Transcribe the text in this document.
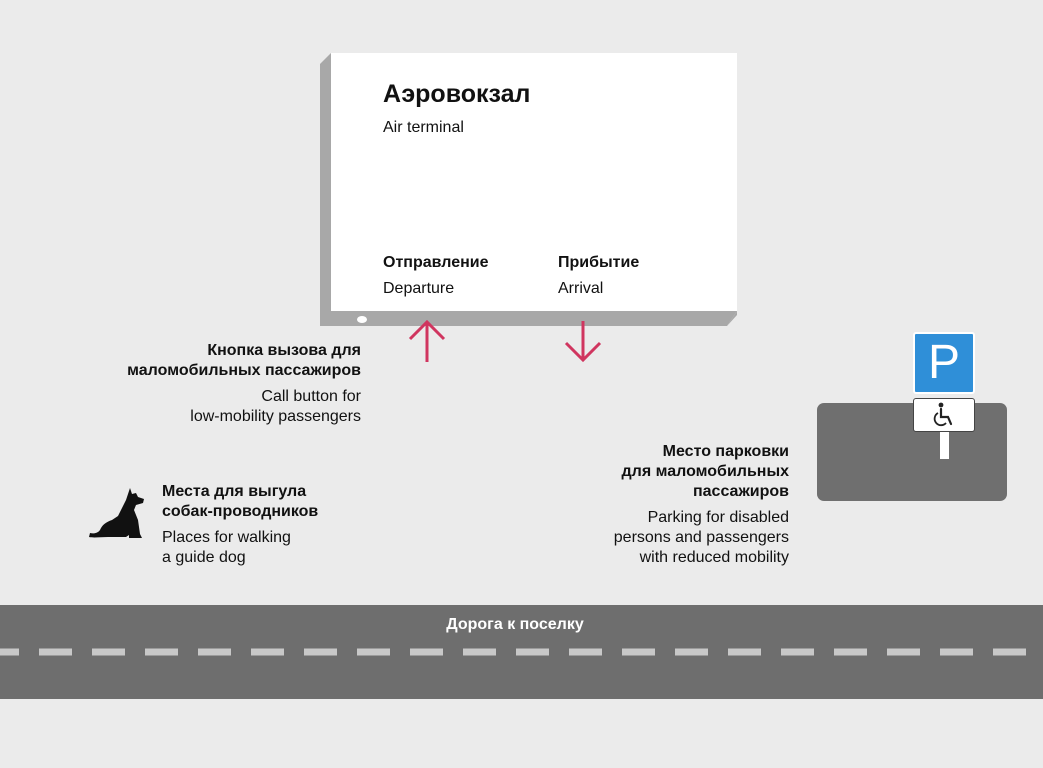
Аэровокзал
Air terminal
Отправление
Departure
Прибытие
Arrival
Кнопка вызова для
маломобильных пассажиров
Call button for
low-mobility passengers
Места для выгула
собак-проводников
Places for walking
a guide dog
Место парковки
для маломобильных
пассажиров
Parking for disabled
persons and passengers
with reduced mobility
P
Дорога к поселку
